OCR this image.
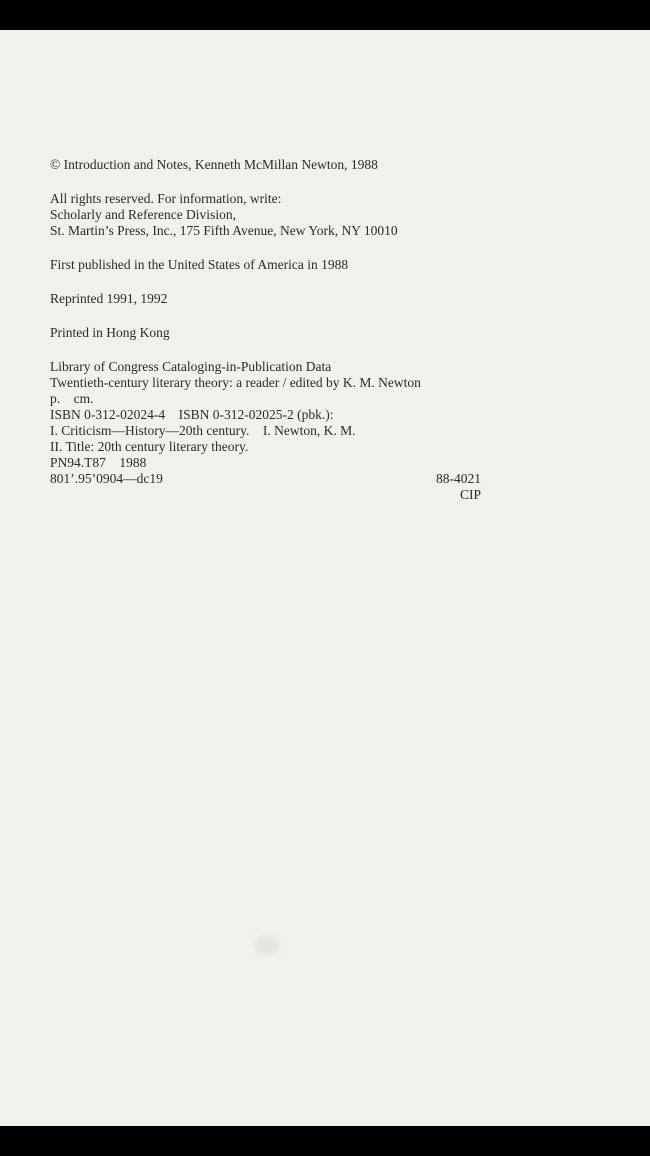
© Introduction and Notes, Kenneth McMillan Newton, 1988
All rights reserved. For information, write:
Scholarly and Reference Division,
St. Martin’s Press, Inc., 175 Fifth Avenue, New York, NY 10010
First published in the United States of America in 1988
Reprinted 1991, 1992
Printed in Hong Kong
Library of Congress Cataloging-in-Publication Data
Twentieth-century literary theory: a reader / edited by K. M. Newton
p.    cm.
ISBN 0-312-02024-4    ISBN 0-312-02025-2 (pbk.):
I. Criticism—History—20th century.    I. Newton, K. M.
II. Title: 20th century literary theory.
PN94.T87    1988
801’.95’0904—dc19	88-4021
CIP
